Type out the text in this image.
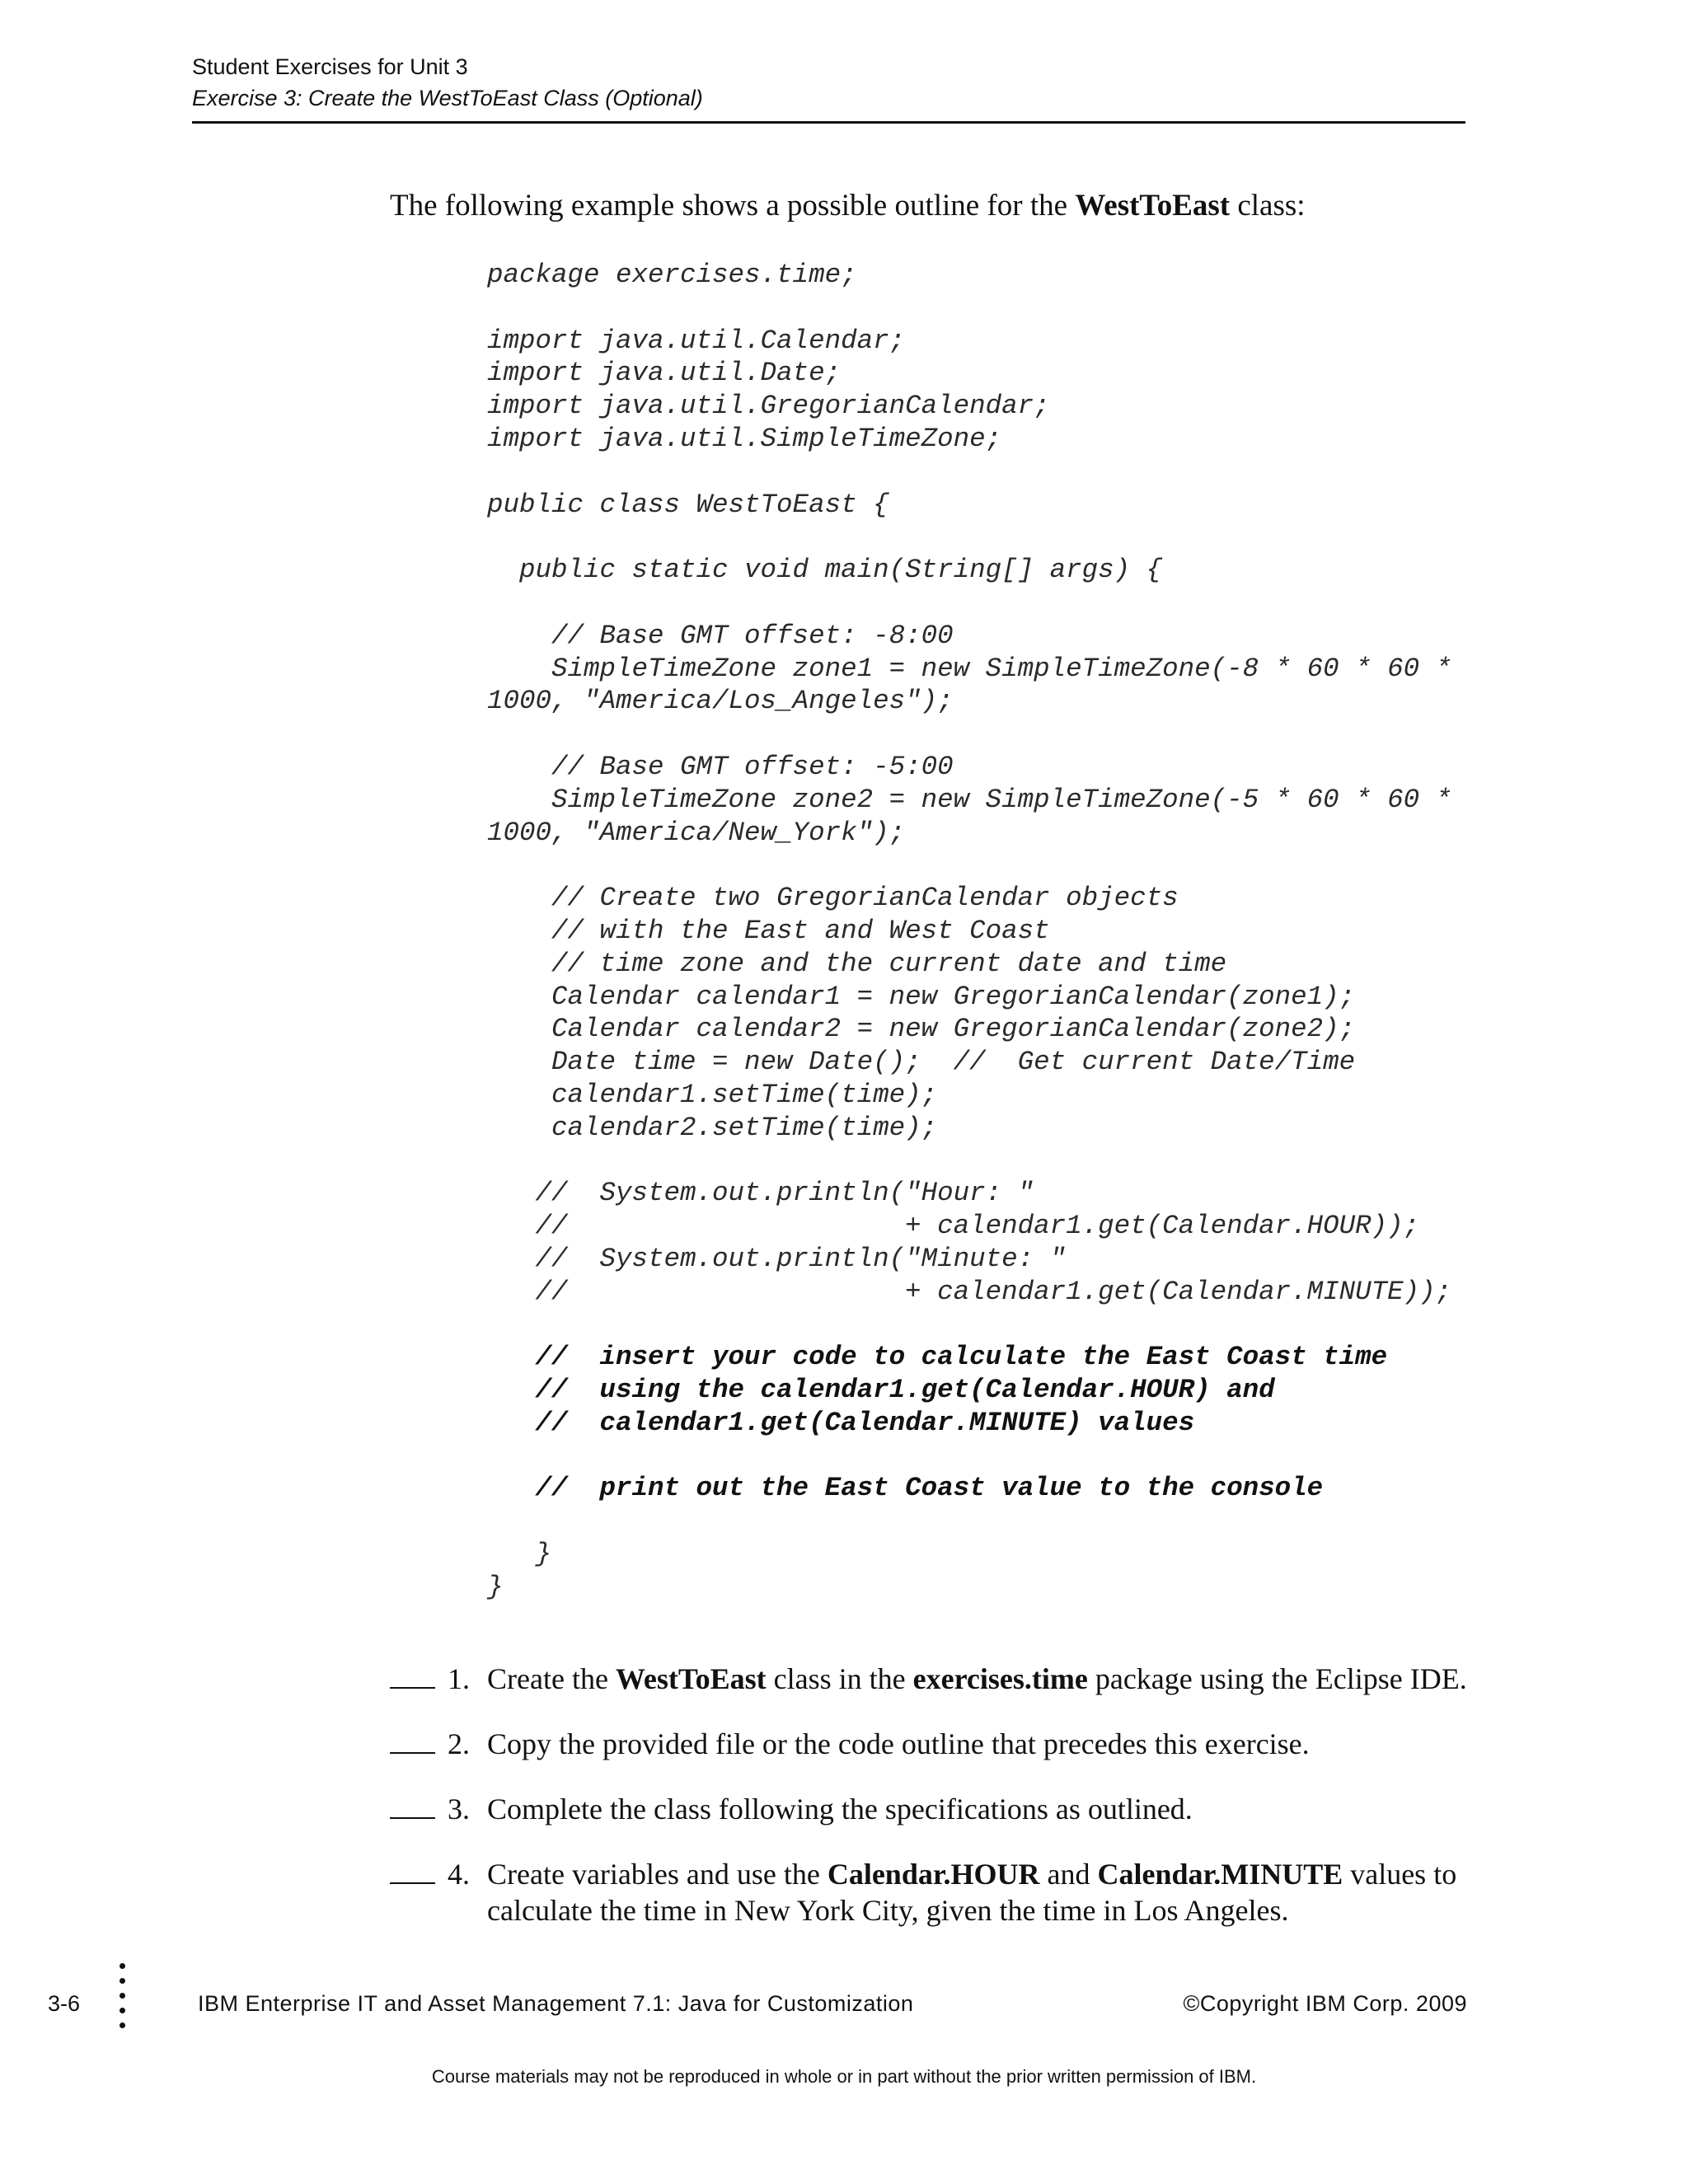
Student Exercises for Unit 3
Exercise 3: Create the WestToEast Class (Optional)
The following example shows a possible outline for the WestToEast class:
package exercises.time;

import java.util.Calendar;
import java.util.Date;
import java.util.GregorianCalendar;
import java.util.SimpleTimeZone;

public class WestToEast {

public static void main(String[] args) {

// Base GMT offset: -8:00
SimpleTimeZone zone1 = new SimpleTimeZone(-8 * 60 * 60 *
1000, "America/Los_Angeles");

// Base GMT offset: -5:00
SimpleTimeZone zone2 = new SimpleTimeZone(-5 * 60 * 60 *
1000, "America/New_York");

// Create two GregorianCalendar objects
// with the East and West Coast
// time zone and the current date and time
Calendar calendar1 = new GregorianCalendar(zone1);
Calendar calendar2 = new GregorianCalendar(zone2);
Date time = new Date();  //  Get current Date/Time
calendar1.setTime(time);
calendar2.setTime(time);

//  System.out.println("Hour: "
//                     + calendar1.get(Calendar.HOUR));
//  System.out.println("Minute: "
//                     + calendar1.get(Calendar.MINUTE));

//  insert your code to calculate the East Coast time
//  using the calendar1.get(Calendar.HOUR) and
//  calendar1.get(Calendar.MINUTE) values

//  print out the East Coast value to the console

}
}
1. Create the WestToEast class in the exercises.time package using the Eclipse IDE.
2. Copy the provided file or the code outline that precedes this exercise.
3. Complete the class following the specifications as outlined.
4. Create variables and use the Calendar.HOUR and Calendar.MINUTE values to calculate the time in New York City, given the time in Los Angeles.
3-6	IBM Enterprise IT and Asset Management 7.1: Java for Customization	©Copyright IBM Corp. 2009
Course materials may not be reproduced in whole or in part without the prior written permission of IBM.
